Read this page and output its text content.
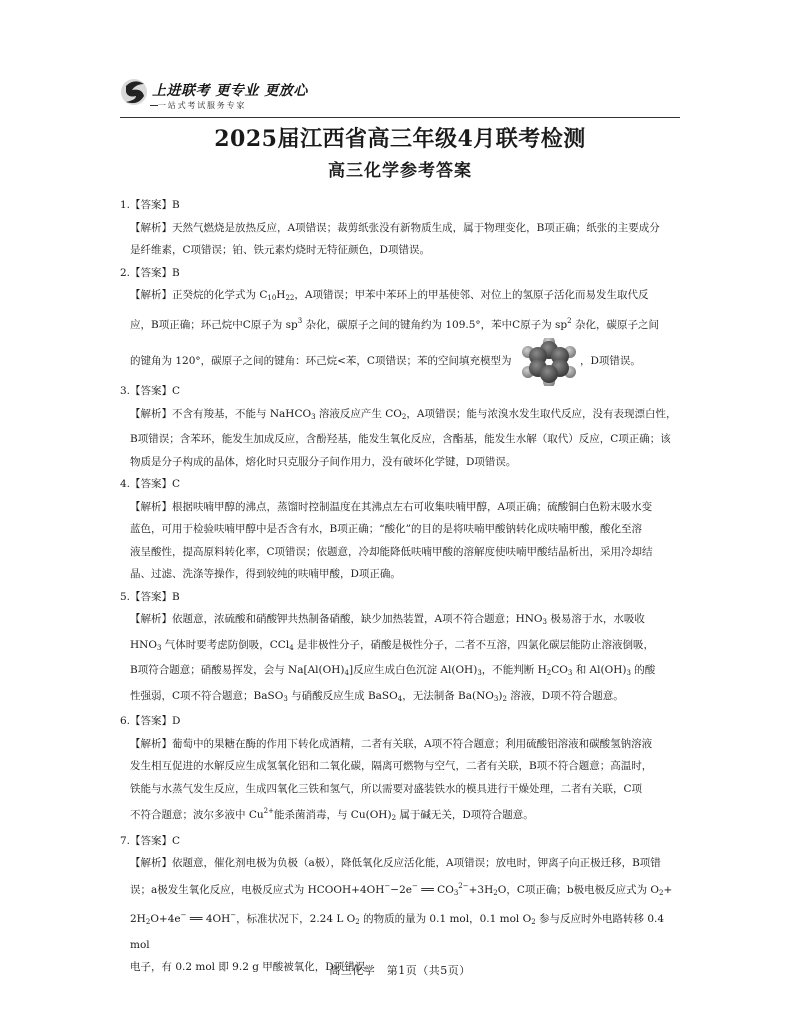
上进联考 更专业 更放心
一站式考试服务专家
2025届江西省高三年级4月联考检测
高三化学参考答案
1.【答案】B
【解析】天然气燃烧是放热反应，A项错误；裁剪纸张没有新物质生成，属于物理变化，B项正确；纸张的主要成分
是纤维素，C项错误；铂、铁元素灼烧时无特征颜色，D项错误。
2.【答案】B
【解析】正癸烷的化学式为 $C_{10}H_{22}$，A项错误；甲苯中苯环上的甲基使邻、对位上的氢原子活化而易发生取代反
应，B项正确；环己烷中C原子为 $sp^3$ 杂化，碳原子之间的键角约为 109.5°，苯中C原子为 $sp^2$ 杂化，碳原子之间
的键角为 120°，碳原子之间的键角：环己烷<苯，C项错误；苯的空间填充模型为	，D项错误。
3.【答案】C
【解析】不含有羧基，不能与 NaHCO$_3$ 溶液反应产生 $CO_2$，A项错误；能与浓溴水发生取代反应，没有表现漂白性，
B项错误；含苯环，能发生加成反应，含酚羟基，能发生氧化反应，含酯基，能发生水解（取代）反应，C项正确；该
物质是分子构成的晶体，熔化时只克服分子间作用力，没有破坏化学键，D项错误。
4.【答案】C
【解析】根据呋喃甲醇的沸点，蒸馏时控制温度在其沸点左右可收集呋喃甲醇，A项正确；硫酸铜白色粉末吸水变
蓝色，可用于检验呋喃甲醇中是否含有水，B项正确；“酸化”的目的是将呋喃甲酸钠转化成呋喃甲酸，酸化至溶
液呈酸性，提高原料转化率，C项错误；依题意，冷却能降低呋喃甲酸的溶解度使呋喃甲酸结晶析出，采用冷却结
晶、过滤、洗涤等操作，得到较纯的呋喃甲酸，D项正确。
5.【答案】B
【解析】依题意，浓硫酸和硝酸钾共热制备硝酸，缺少加热装置，A项不符合题意；$HNO_3$ 极易溶于水，水吸收
$HNO_3$ 气体时要考虑防倒吸，CCl$_4$ 是非极性分子，硝酸是极性分子，二者不互溶，四氯化碳层能防止溶液倒吸，
B项符合题意；硝酸易挥发，会与 $Na[Al(OH)_4]$反应生成白色沉淀 $Al(OH)_3$，不能判断 $H_2CO_3$ 和 $Al(OH)_3$ 的酸
性强弱，C项不符合题意；BaSO$_3$ 与硝酸反应生成 BaSO$_4$，无法制备 $Ba(NO_3)_2$ 溶液，D项不符合题意。
6.【答案】D
【解析】葡萄中的果糖在酶的作用下转化成酒精，二者有关联，A项不符合题意；利用硫酸铝溶液和碳酸氢钠溶液
发生相互促进的水解反应生成氢氧化铝和二氧化碳，隔离可燃物与空气，二者有关联，B项不符合题意；高温时，
铁能与水蒸气发生反应，生成四氧化三铁和氢气，所以需要对盛装铁水的模具进行干燥处理，二者有关联，C项
不符合题意；波尔多液中 $Cu^{2+}$能杀菌消毒，与 $Cu(OH)_2$ 属于碱无关，D项符合题意。
7.【答案】C
【解析】依题意，催化剂电极为负极（a极），降低氧化反应活化能，A项错误；放电时，钾离子向正极迁移，B项错
误；a极发生氧化反应，电极反应式为 HCOOH+4OH−−2e− ══ $CO_3^{2-}+3H_2O$，C项正确；b极电极反应式为 $O_2+$
$2H_2O+4e^-$ ══ 4OH−，标准状况下，2.24 L $O_2$ 的物质的量为 0.1 mol，0.1 mol $O_2$ 参与反应时外电路转移 0.4 mol
电子，有 0.2 mol 即 9.2 g 甲酸被氧化，D项错误。
高三化学　第1页（共5页）
